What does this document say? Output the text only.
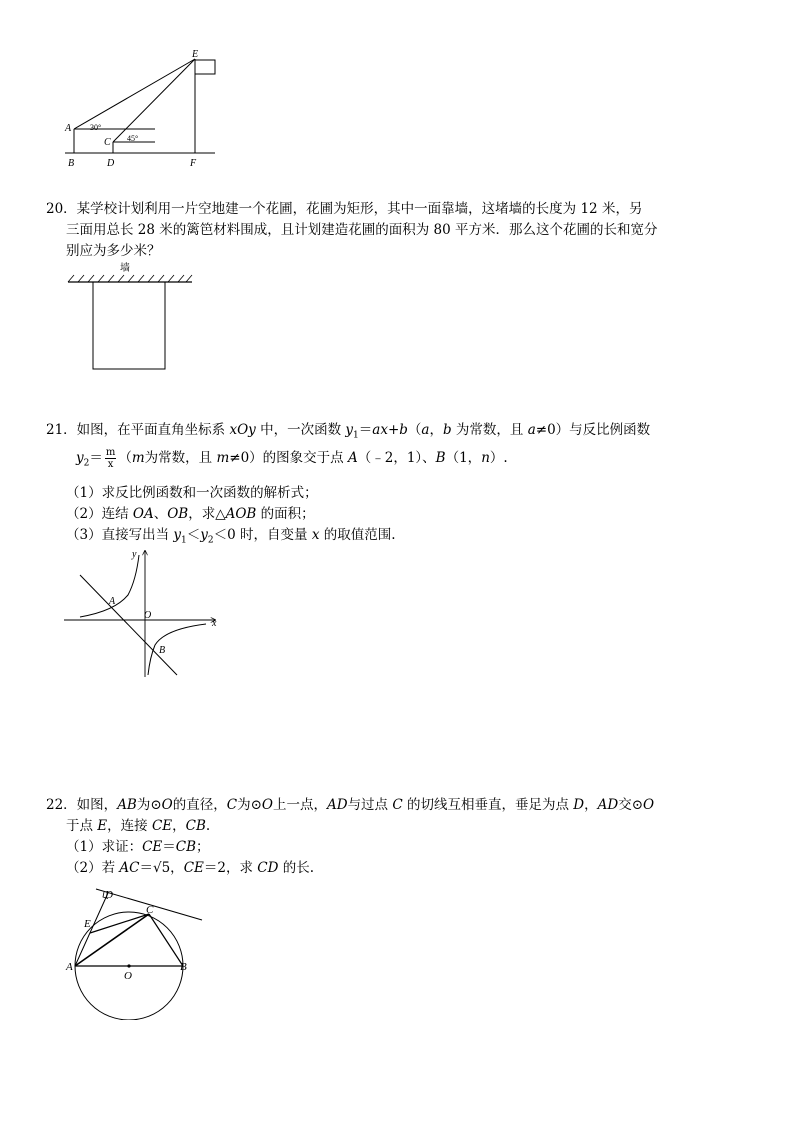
E
A
C
B	D	F
30°
45°
20．某学校计划利用一片空地建一个花圃，花圃为矩形，其中一面靠墙，这堵墙的长度为 12 米，另
三面用总长 28 米的篱笆材料围成，且计划建造花圃的面积为 80 平方米．那么这个花圃的长和宽分
别应为多少米？
墙
21．如图，在平面直角坐标系 xOy 中，一次函数 $y_1=ax+b(a$，b 为常数，且 a≠0）与反比例函数
$y_2= \frac{m}{x} (m$为常数，且 m≠0）的图象交于点 A（﹣2，1）、B（1，n）.
（1）求反比例函数和一次函数的解析式；
（2）连结 OA、OB，求△AOB 的面积；
（3）直接写出当 $y_1<y_2<0$ 时，自变量 x 的取值范围.
y
x
O
A
B
22．如图，AB为⊙O的直径，C为⊙O上一点，AD与过点 C 的切线互相垂直，垂足为点 D，AD交⊙O
于点 E，连接 CE，CB.
（1）求证：CE＝CB；
（2）若 AC＝√5，CE＝2，求 CD 的长.
D
C
E
A
O
B
